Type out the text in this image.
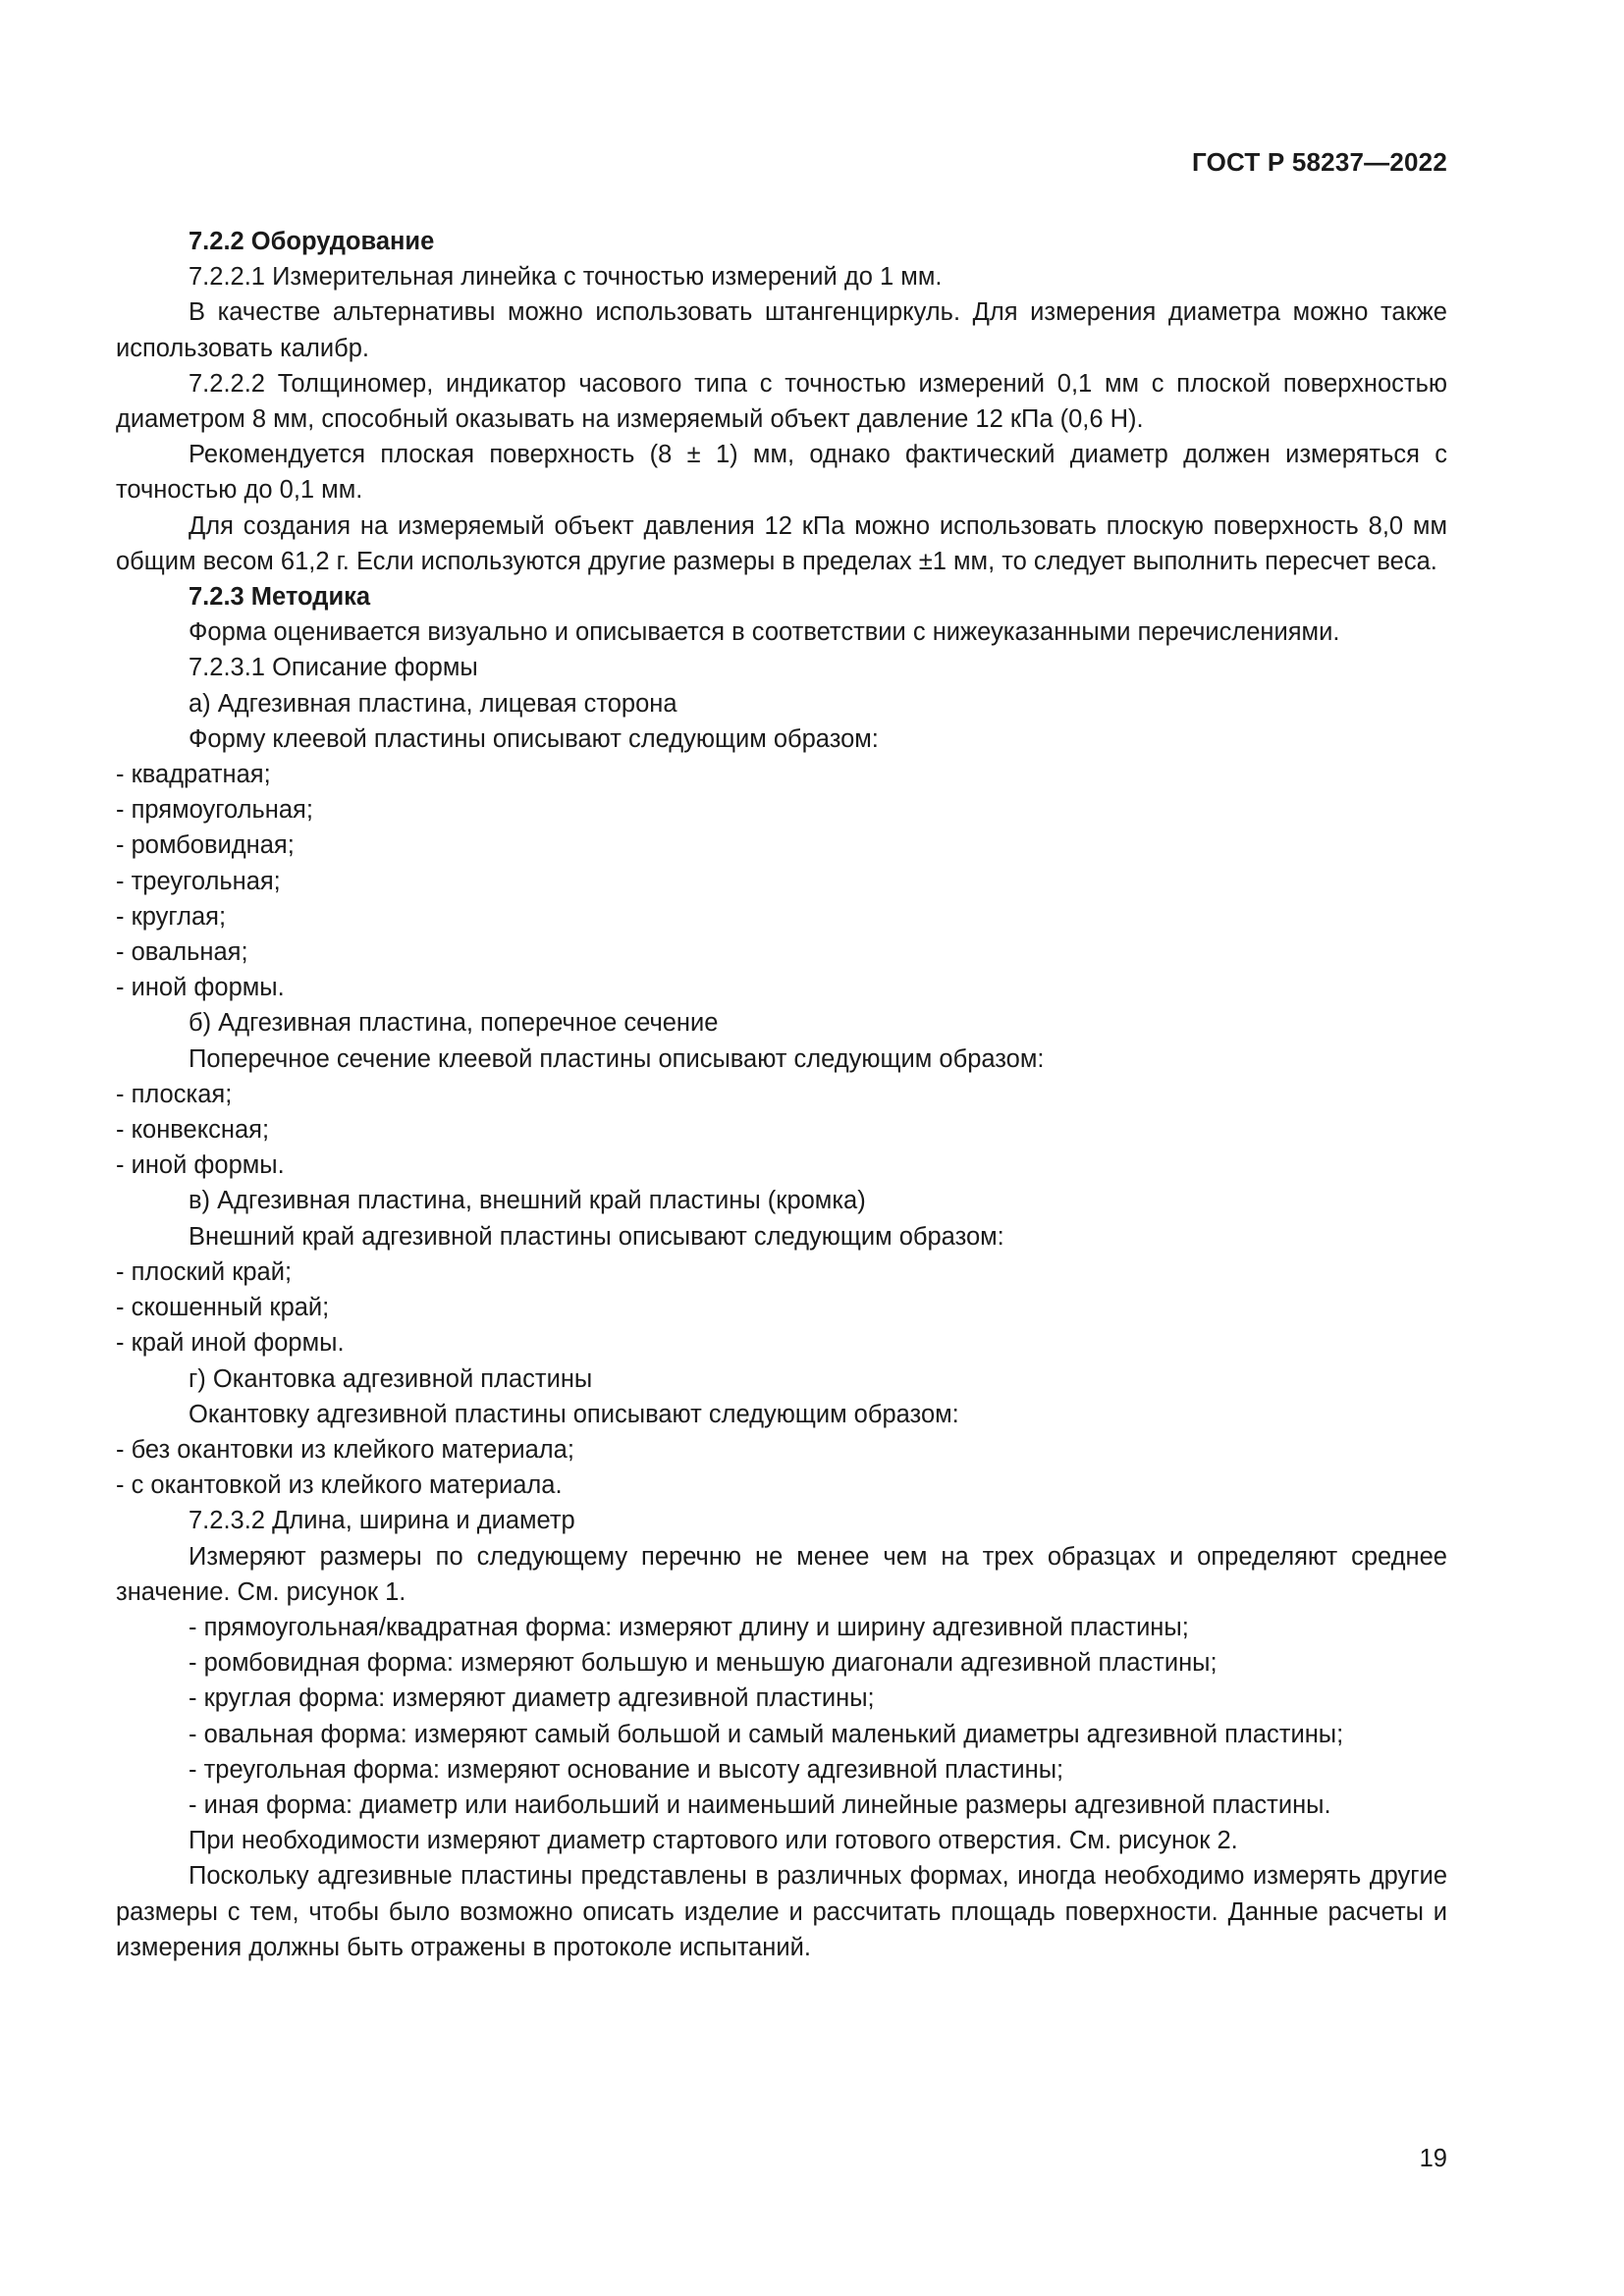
ГОСТ Р 58237—2022

7.2.2 Оборудование

7.2.2.1 Измерительная линейка с точностью измерений до 1 мм.

В качестве альтернативы можно использовать штангенциркуль. Для измерения диаметра можно также использовать калибр.

7.2.2.2 Толщиномер, индикатор часового типа с точностью измерений 0,1 мм с плоской поверхностью диаметром 8 мм, способный оказывать на измеряемый объект давление 12 кПа (0,6 Н).

Рекомендуется плоская поверхность (8 ± 1) мм, однако фактический диаметр должен измеряться с точностью до 0,1 мм.

Для создания на измеряемый объект давления 12 кПа можно использовать плоскую поверхность 8,0 мм общим весом 61,2 г. Если используются другие размеры в пределах ±1 мм, то следует выполнить пересчет веса.

7.2.3 Методика

Форма оценивается визуально и описывается в соответствии с нижеуказанными перечислениями.

7.2.3.1 Описание формы

а) Адгезивная пластина, лицевая сторона

Форму клеевой пластины описывают следующим образом:

- квадратная;

- прямоугольная;

- ромбовидная;

- треугольная;

- круглая;

- овальная;

- иной формы.

б) Адгезивная пластина, поперечное сечение

Поперечное сечение клеевой пластины описывают следующим образом:

- плоская;

- конвексная;

- иной формы.

в) Адгезивная пластина, внешний край пластины (кромка)

Внешний край адгезивной пластины описывают следующим образом:

- плоский край;

- скошенный край;

- край иной формы.

г) Окантовка адгезивной пластины

Окантовку адгезивной пластины описывают следующим образом:

- без окантовки из клейкого материала;

- с окантовкой из клейкого материала.

7.2.3.2 Длина, ширина и диаметр

Измеряют размеры по следующему перечню не менее чем на трех образцах и определяют среднее значение. См. рисунок 1.

- прямоугольная/квадратная форма: измеряют длину и ширину адгезивной пластины;

- ромбовидная форма: измеряют большую и меньшую диагонали адгезивной пластины;

- круглая форма: измеряют диаметр адгезивной пластины;

- овальная форма: измеряют самый большой и самый маленький диаметры адгезивной пластины;

- треугольная форма: измеряют основание и высоту адгезивной пластины;

- иная форма: диаметр или наибольший и наименьший линейные размеры адгезивной пластины.

При необходимости измеряют диаметр стартового или готового отверстия. См. рисунок 2.

Поскольку адгезивные пластины представлены в различных формах, иногда необходимо измерять другие размеры с тем, чтобы было возможно описать изделие и рассчитать площадь поверхности. Данные расчеты и измерения должны быть отражены в протоколе испытаний.

19
